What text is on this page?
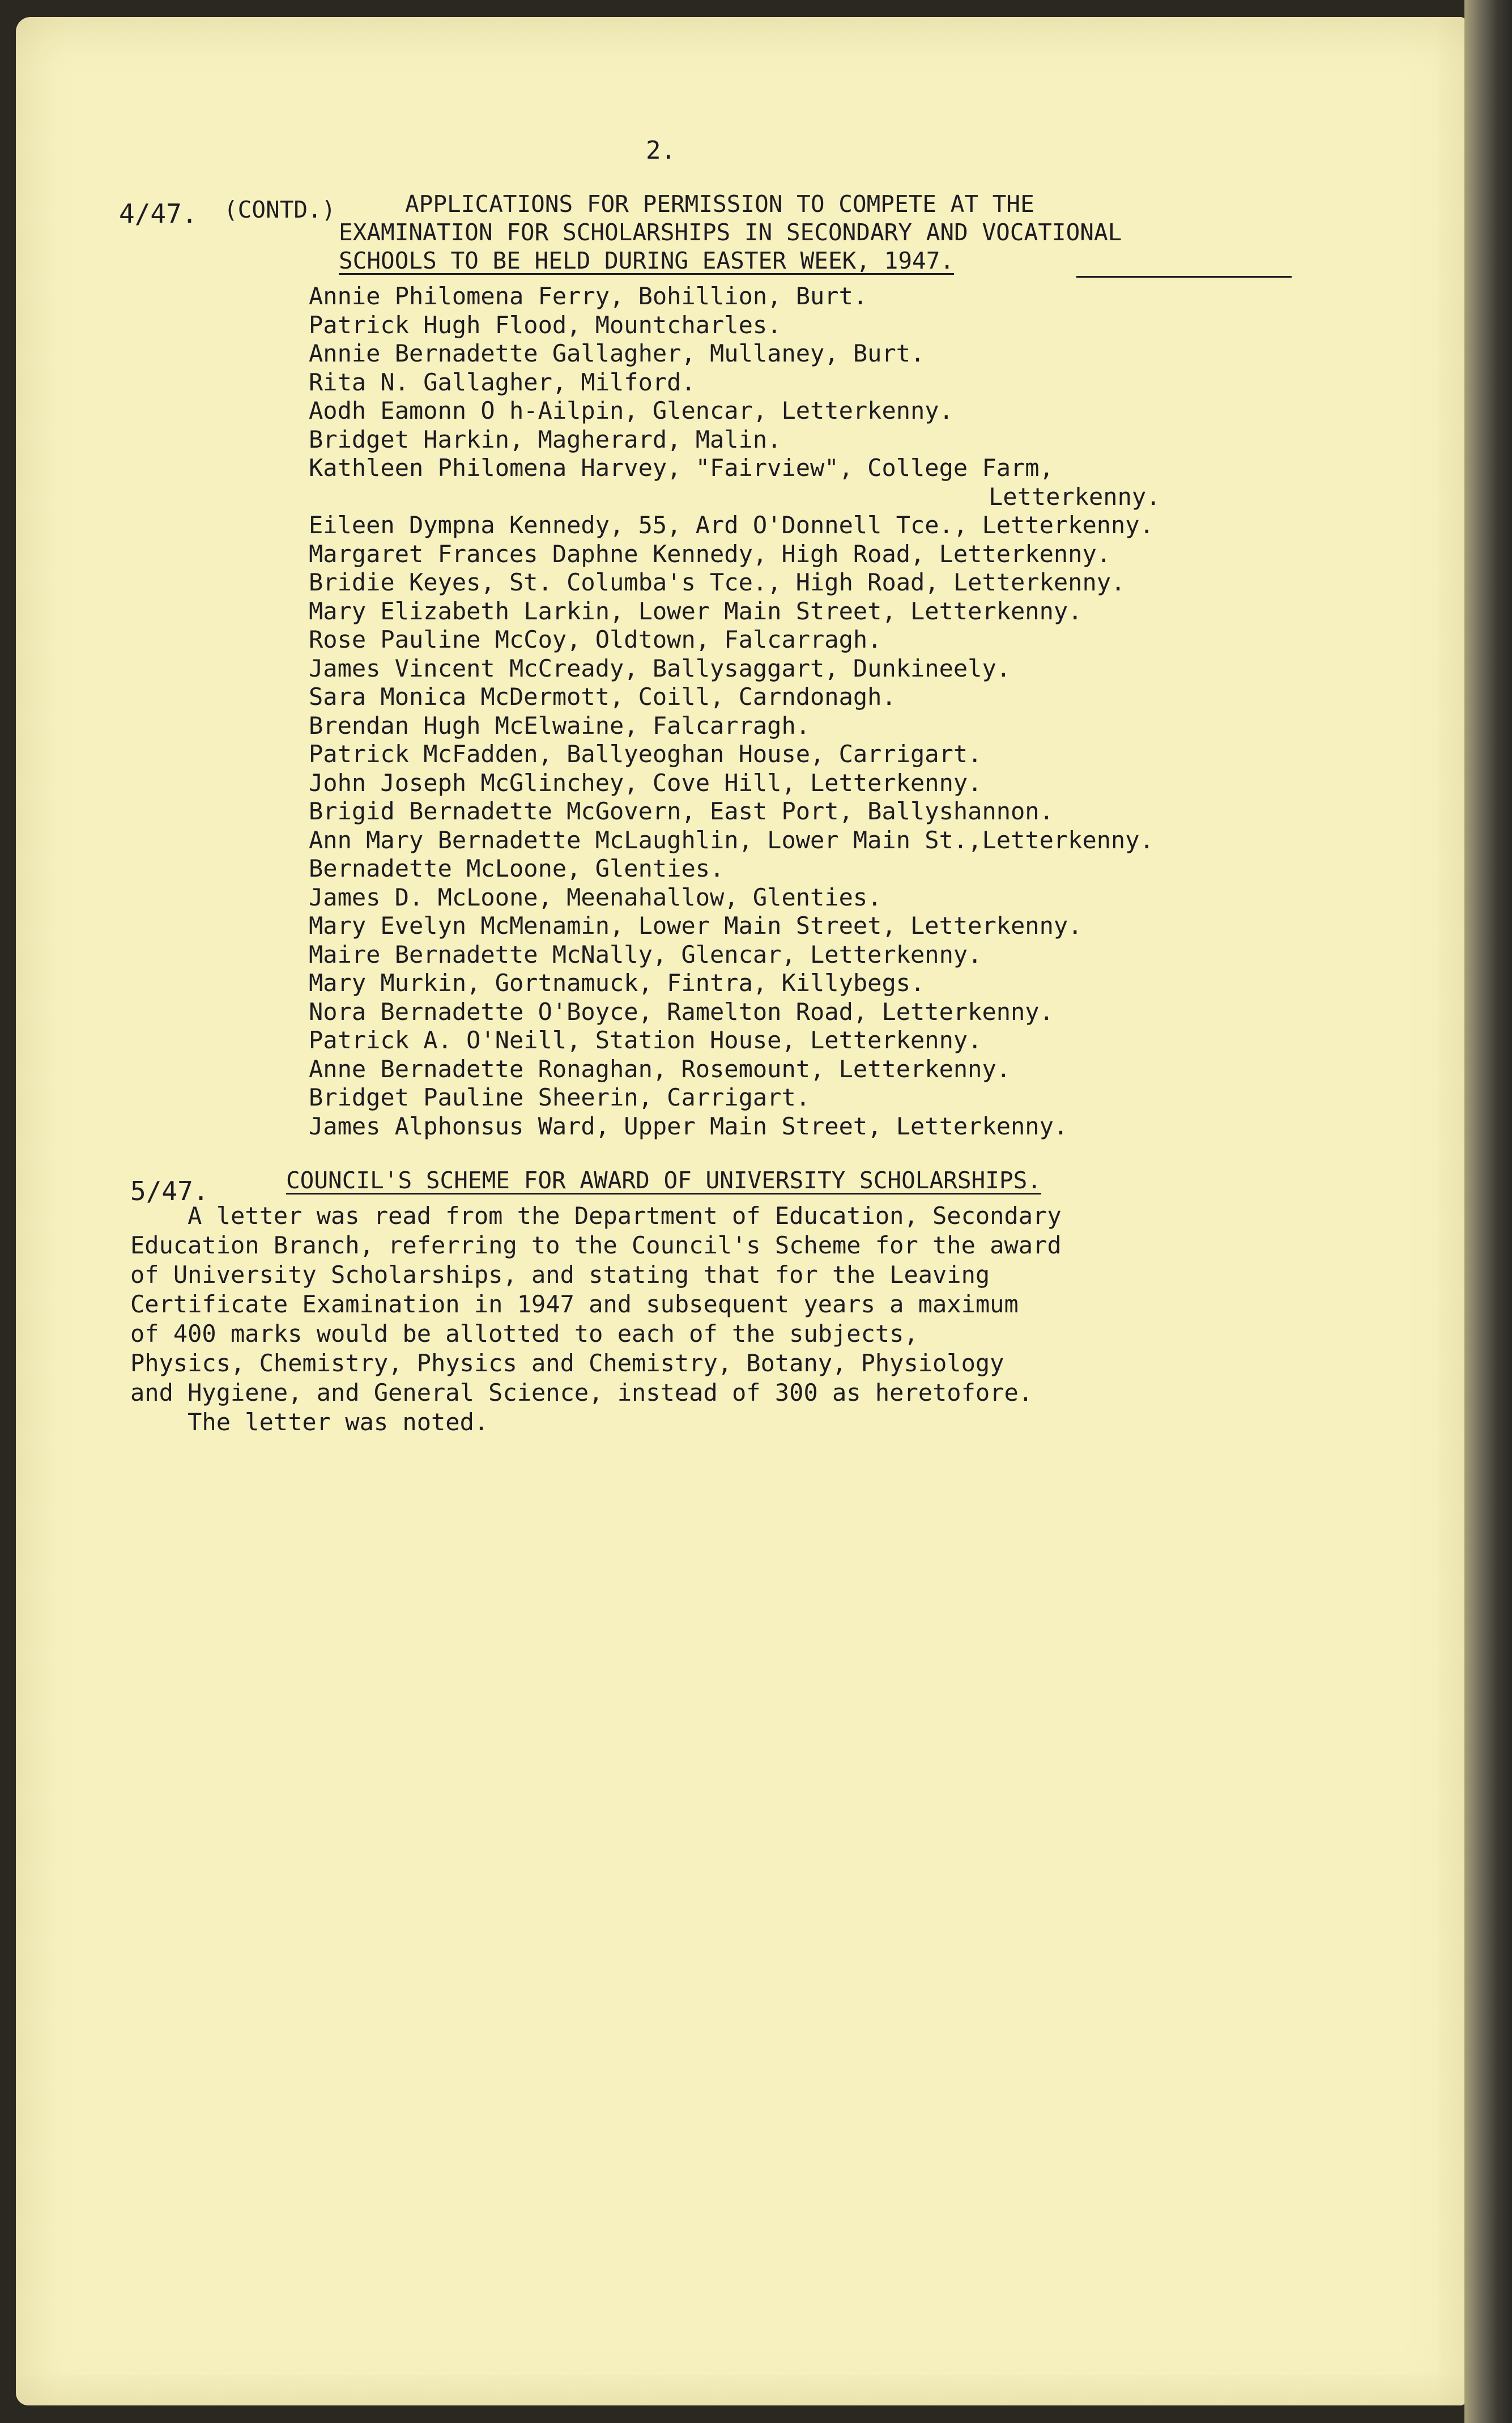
2.
4/47. (CONTD.)	APPLICATIONS FOR PERMISSION TO COMPETE AT THE
EXAMINATION FOR SCHOLARSHIPS IN SECONDARY AND VOCATIONAL
SCHOOLS TO BE HELD DURING EASTER WEEK, 1947.
Annie Philomena Ferry, Bohillion, Burt.
Patrick Hugh Flood, Mountcharles.
Annie Bernadette Gallagher, Mullaney, Burt.
Rita N. Gallagher, Milford.
Aodh Eamonn O h-Ailpin, Glencar, Letterkenny.
Bridget Harkin, Magherard, Malin.
Kathleen Philomena Harvey, "Fairview", College Farm,
Letterkenny.
Eileen Dympna Kennedy, 55, Ard O'Donnell Tce., Letterkenny.
Margaret Frances Daphne Kennedy, High Road, Letterkenny.
Bridie Keyes, St. Columba's Tce., High Road, Letterkenny.
Mary Elizabeth Larkin, Lower Main Street, Letterkenny.
Rose Pauline McCoy, Oldtown, Falcarragh.
James Vincent McCready, Ballysaggart, Dunkineely.
Sara Monica McDermott, Coill, Carndonagh.
Brendan Hugh McElwaine, Falcarragh.
Patrick McFadden, Ballyeoghan House, Carrigart.
John Joseph McGlinchey, Cove Hill, Letterkenny.
Brigid Bernadette McGovern, East Port, Ballyshannon.
Ann Mary Bernadette McLaughlin, Lower Main St.,Letterkenny.
Bernadette McLoone, Glenties.
James D. McLoone, Meenahallow, Glenties.
Mary Evelyn McMenamin, Lower Main Street, Letterkenny.
Maire Bernadette McNally, Glencar, Letterkenny.
Mary Murkin, Gortnamuck, Fintra, Killybegs.
Nora Bernadette O'Boyce, Ramelton Road, Letterkenny.
Patrick A. O'Neill, Station House, Letterkenny.
Anne Bernadette Ronaghan, Rosemount, Letterkenny.
Bridget Pauline Sheerin, Carrigart.
James Alphonsus Ward, Upper Main Street, Letterkenny.
5/47.	COUNCIL'S SCHEME FOR AWARD OF UNIVERSITY SCHOLARSHIPS.

A letter was read from the Department of Education, Secondary

Education Branch, referring to the Council's Scheme for the award

of University Scholarships, and stating that for the Leaving

Certificate Examination in 1947 and subsequent years a maximum

of 400 marks would be allotted to each of the subjects,

Physics, Chemistry, Physics and Chemistry, Botany, Physiology

and Hygiene, and General Science, instead of 300 as heretofore.

The letter was noted.
